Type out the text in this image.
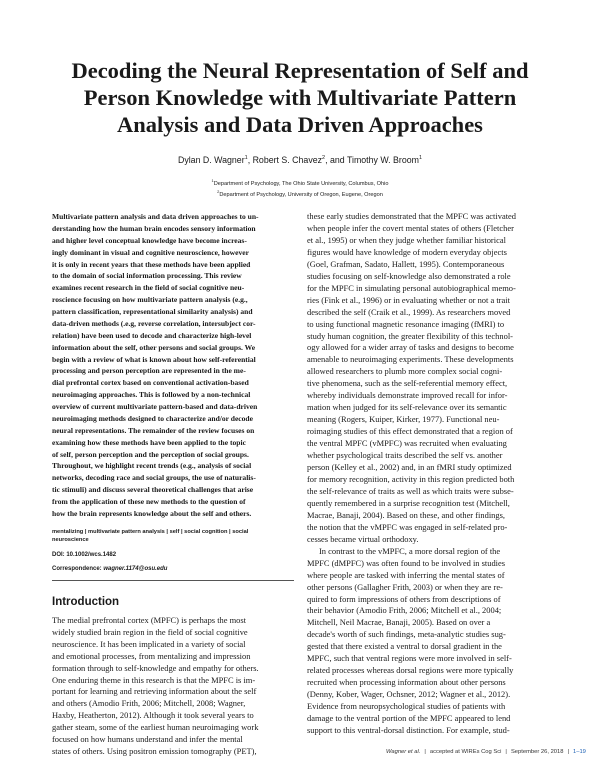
Decoding the Neural Representation of Self and
Person Knowledge with Multivariate Pattern
Analysis and Data Driven Approaches
Dylan D. Wagner$^1$, Robert S. Chavez$^2$, and Timothy W. Broom$^1$
$^1$Department of Psychology, The Ohio State University, Columbus, Ohio
$^2$Department of Psychology, University of Oregon, Eugene, Oregon
Multivariate pattern analysis and data driven approaches to un-
derstanding how the human brain encodes sensory information
and higher level conceptual knowledge have become increas-
ingly dominant in visual and cognitive neuroscience, however
it is only in recent years that these methods have been applied
to the domain of social information processing. This review
examines recent research in the field of social cognitive neu-
roscience focusing on how multivariate pattern analysis (e.g.,
pattern classification, representational similarity analysis) and
data-driven methods (.e.g, reverse correlation, intersubject cor-
relation) have been used to decode and characterize high-level
information about the self, other persons and social groups. We
begin with a review of what is known about how self-referential
processing and person perception are represented in the me-
dial prefrontal cortex based on conventional activation-based
neuroimaging approaches. This is followed by a non-technical
overview of current multivariate pattern-based and data-driven
neuroimaging methods designed to characterize and/or decode
neural representations. The remainder of the review focuses on
examining how these methods have been applied to the topic
of self, person perception and the perception of social groups.
Throughout, we highlight recent trends (e.g., analysis of social
networks, decoding race and social groups, the use of naturalis-
tic stimuli) and discuss several theoretical challenges that arise
from the application of these new methods to the question of
how the brain represents knowledge about the self and others.
mentalizing | multivariate pattern analysis | self | social cognition | social
neuroscience
DOI: 10.1002/wcs.1482
Correspondence: wagner.1174@osu.edu
Introduction

The medial prefrontal cortex (MPFC) is perhaps the most
widely studied brain region in the field of social cognitive
neuroscience. It has been implicated in a variety of social
and emotional processes, from mentalizing and impression
formation through to self-knowledge and empathy for others.
One enduring theme in this research is that the MPFC is im-
portant for learning and retrieving information about the self
and others (Amodio Frith, 2006; Mitchell, 2008; Wagner,
Haxby, Heatherton, 2012). Although it took several years to
gather steam, some of the earliest human neuroimaging work
focused on how humans understand and infer the mental
states of others. Using positron emission tomography (PET),

these early studies demonstrated that the MPFC was activated
when people infer the covert mental states of others (Fletcher
et al., 1995) or when they judge whether familiar historical
figures would have knowledge of modern everyday objects
(Goel, Grafman, Sadato, Hallett, 1995). Contemporaneous
studies focusing on self-knowledge also demonstrated a role
for the MPFC in simulating personal autobiographical memo-
ries (Fink et al., 1996) or in evaluating whether or not a trait
described the self (Craik et al., 1999). As researchers moved
to using functional magnetic resonance imaging (fMRI) to
study human cognition, the greater flexibility of this technol-
ogy allowed for a wider array of tasks and designs to become
amenable to neuroimaging experiments. These developments
allowed researchers to plumb more complex social cogni-
tive phenomena, such as the self-referential memory effect,
whereby individuals demonstrate improved recall for infor-
mation when judged for its self-relevance over its semantic
meaning (Rogers, Kuiper, Kirker, 1977). Functional neu-
roimaging studies of this effect demonstrated that a region of
the ventral MPFC (vMPFC) was recruited when evaluating
whether psychological traits described the self vs. another
person (Kelley et al., 2002) and, in an fMRI study optimized
for memory recognition, activity in this region predicted both
the self-relevance of traits as well as which traits were subse-
quently remembered in a surprise recognition test (Mitchell,
Macrae, Banaji, 2004). Based on these, and other findings,
the notion that the vMPFC was engaged in self-related pro-
cesses became virtual orthodoxy.

In contrast to the vMPFC, a more dorsal region of the
MPFC (dMPFC) was often found to be involved in studies
where people are tasked with inferring the mental states of
other persons (Gallagher Frith, 2003) or when they are re-
quired to form impressions of others from descriptions of
their behavior (Amodio Frith, 2006; Mitchell et al., 2004;
Mitchell, Neil Macrae, Banaji, 2005). Based on over a
decade's worth of such findings, meta-analytic studies sug-
gested that there existed a ventral to dorsal gradient in the
MPFC, such that ventral regions were more involved in self-
related processes whereas dorsal regions were more typically
recruited when processing information about other persons
(Denny, Kober, Wager, Ochsner, 2012; Wagner et al., 2012).
Evidence from neuropsychological studies of patients with
damage to the ventral portion of the MPFC appeared to lend
support to this ventral-dorsal distinction. For example, stud-

Wagner et al. | accepted at WIREs Cog Sci | September 26, 2018 | 1–19
